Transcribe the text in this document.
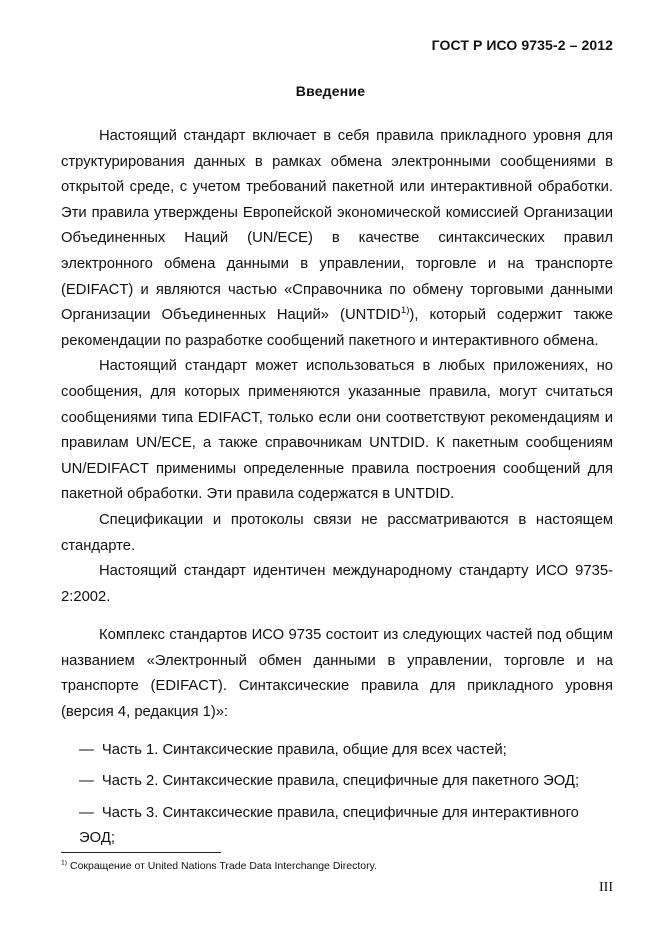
ГОСТ Р ИСО 9735-2 – 2012
Введение

Настоящий стандарт включает в себя правила прикладного уровня для структурирования данных в рамках обмена электронными сообщениями в открытой среде, с учетом требований пакетной или интерактивной обработки. Эти правила утверждены Европейской экономической комиссией Организации Объединенных Наций (UN/ECE) в качестве синтаксических правил электронного обмена данными в управлении, торговле и на транспорте (EDIFACT) и являются частью «Справочника по обмену торговыми данными Организации Объединенных Наций» (UNTDID$^{1)}$), который содержит также рекомендации по разработке сообщений пакетного и интерактивного обмена.

Настоящий стандарт может использоваться в любых приложениях, но сообщения, для которых применяются указанные правила, могут считаться сообщениями типа EDIFACT, только если они соответствуют рекомендациям и правилам UN/ECE, а также справочникам UNTDID. К пакетным сообщениям UN/EDIFACT применимы определенные правила построения сообщений для пакетной обработки. Эти правила содержатся в UNTDID.

Спецификации и протоколы связи не рассматриваются в настоящем стандарте.

Настоящий стандарт идентичен международному стандарту ИСО 9735-2:2002.

Комплекс стандартов ИСО 9735 состоит из следующих частей под общим названием «Электронный обмен данными в управлении, торговле и на транспорте (EDIFACT). Синтаксические правила для прикладного уровня (версия 4, редакция 1)»:

— Часть 1. Синтаксические правила, общие для всех частей;
— Часть 2. Синтаксические правила, специфичные для пакетного ЭОД;
— Часть 3. Синтаксические правила, специфичные для интерактивного ЭОД;
$^{1)}$ Сокращение от United Nations Trade Data Interchange Directory.
III
